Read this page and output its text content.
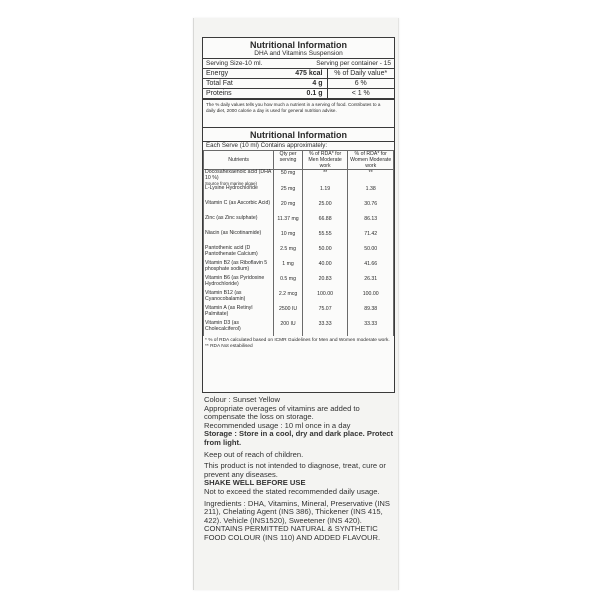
Nutritional Information
DHA and Vitamins Suspension
Serving Size-10 ml.	Serving per container - 15
Energy	475 kcal	% of Daily value*
Total Fat	4 g	6 %
Proteins	0.1 g	< 1 %
The % daily values tells you how much a nutrient in a serving of food. Contributes to a daily diet, 2000 calorie a day is used for general nutrition advise.
Nutritional Information
Each Serve (10 ml) Contains approximately:
Nutrients	Qty per serving	% of RDA* for Men Moderate work	% of RDA* for Women Moderate work
Docosahexaenoic acid (DHA 10 %)
Source from marine algae)	50 mg	**	**
L-Lysine Hydrochloride	25 mg	1.19	1.38
Vitamin C (as Ascorbic Acid)	20 mg	25.00	30.76
Zinc (as Zinc sulphate)	11.37 mg	66.88	86.13
Niacin (as Nicotinamide)	10 mg	55.55	71.42
Pantothenic acid (D Pantothenate Calcium)	2.5 mg	50.00	50.00
Vitamin B2 (as Riboflavin 5 phosphate sodium)	1 mg	40.00	41.66
Vitamin B6 (as Pyridoxine Hydrochloride)	0.5 mg	20.83	26.31
Vitamin B12 (as Cyanocobalamin)	2.2 mcg	100.00	100.00
Vitamin A (as Retinyl Palmitate)	2500 IU	75.07	89.38
Vitamin D3 (as Cholecalciferol)	200 IU	33.33	33.33
* % of RDA calculated based on ICMR Guidelines for Men and Women moderate work.
** RDA Not estabilised
Colour : Sunset Yellow
Appropriate overages of vitamins are added to compensate the loss on storage.
Recommended usage : 10 ml once in a day
Storage : Store in a cool, dry and dark place. Protect from light.
Keep out of reach of children.
This product is not intended to diagnose, treat, cure or prevent any diseases.
SHAKE WELL BEFORE USE
Not to exceed the stated recommended daily usage.
Ingredients : DHA, Vitamins, Mineral, Preservative (INS 211), Chelating Agent (INS 386), Thickener (INS 415, 422). Vehicle (INS1520), Sweetener (INS 420).
CONTAINS PERMITTED NATURAL & SYNTHETIC FOOD COLOUR (INS 110) AND ADDED FLAVOUR.
